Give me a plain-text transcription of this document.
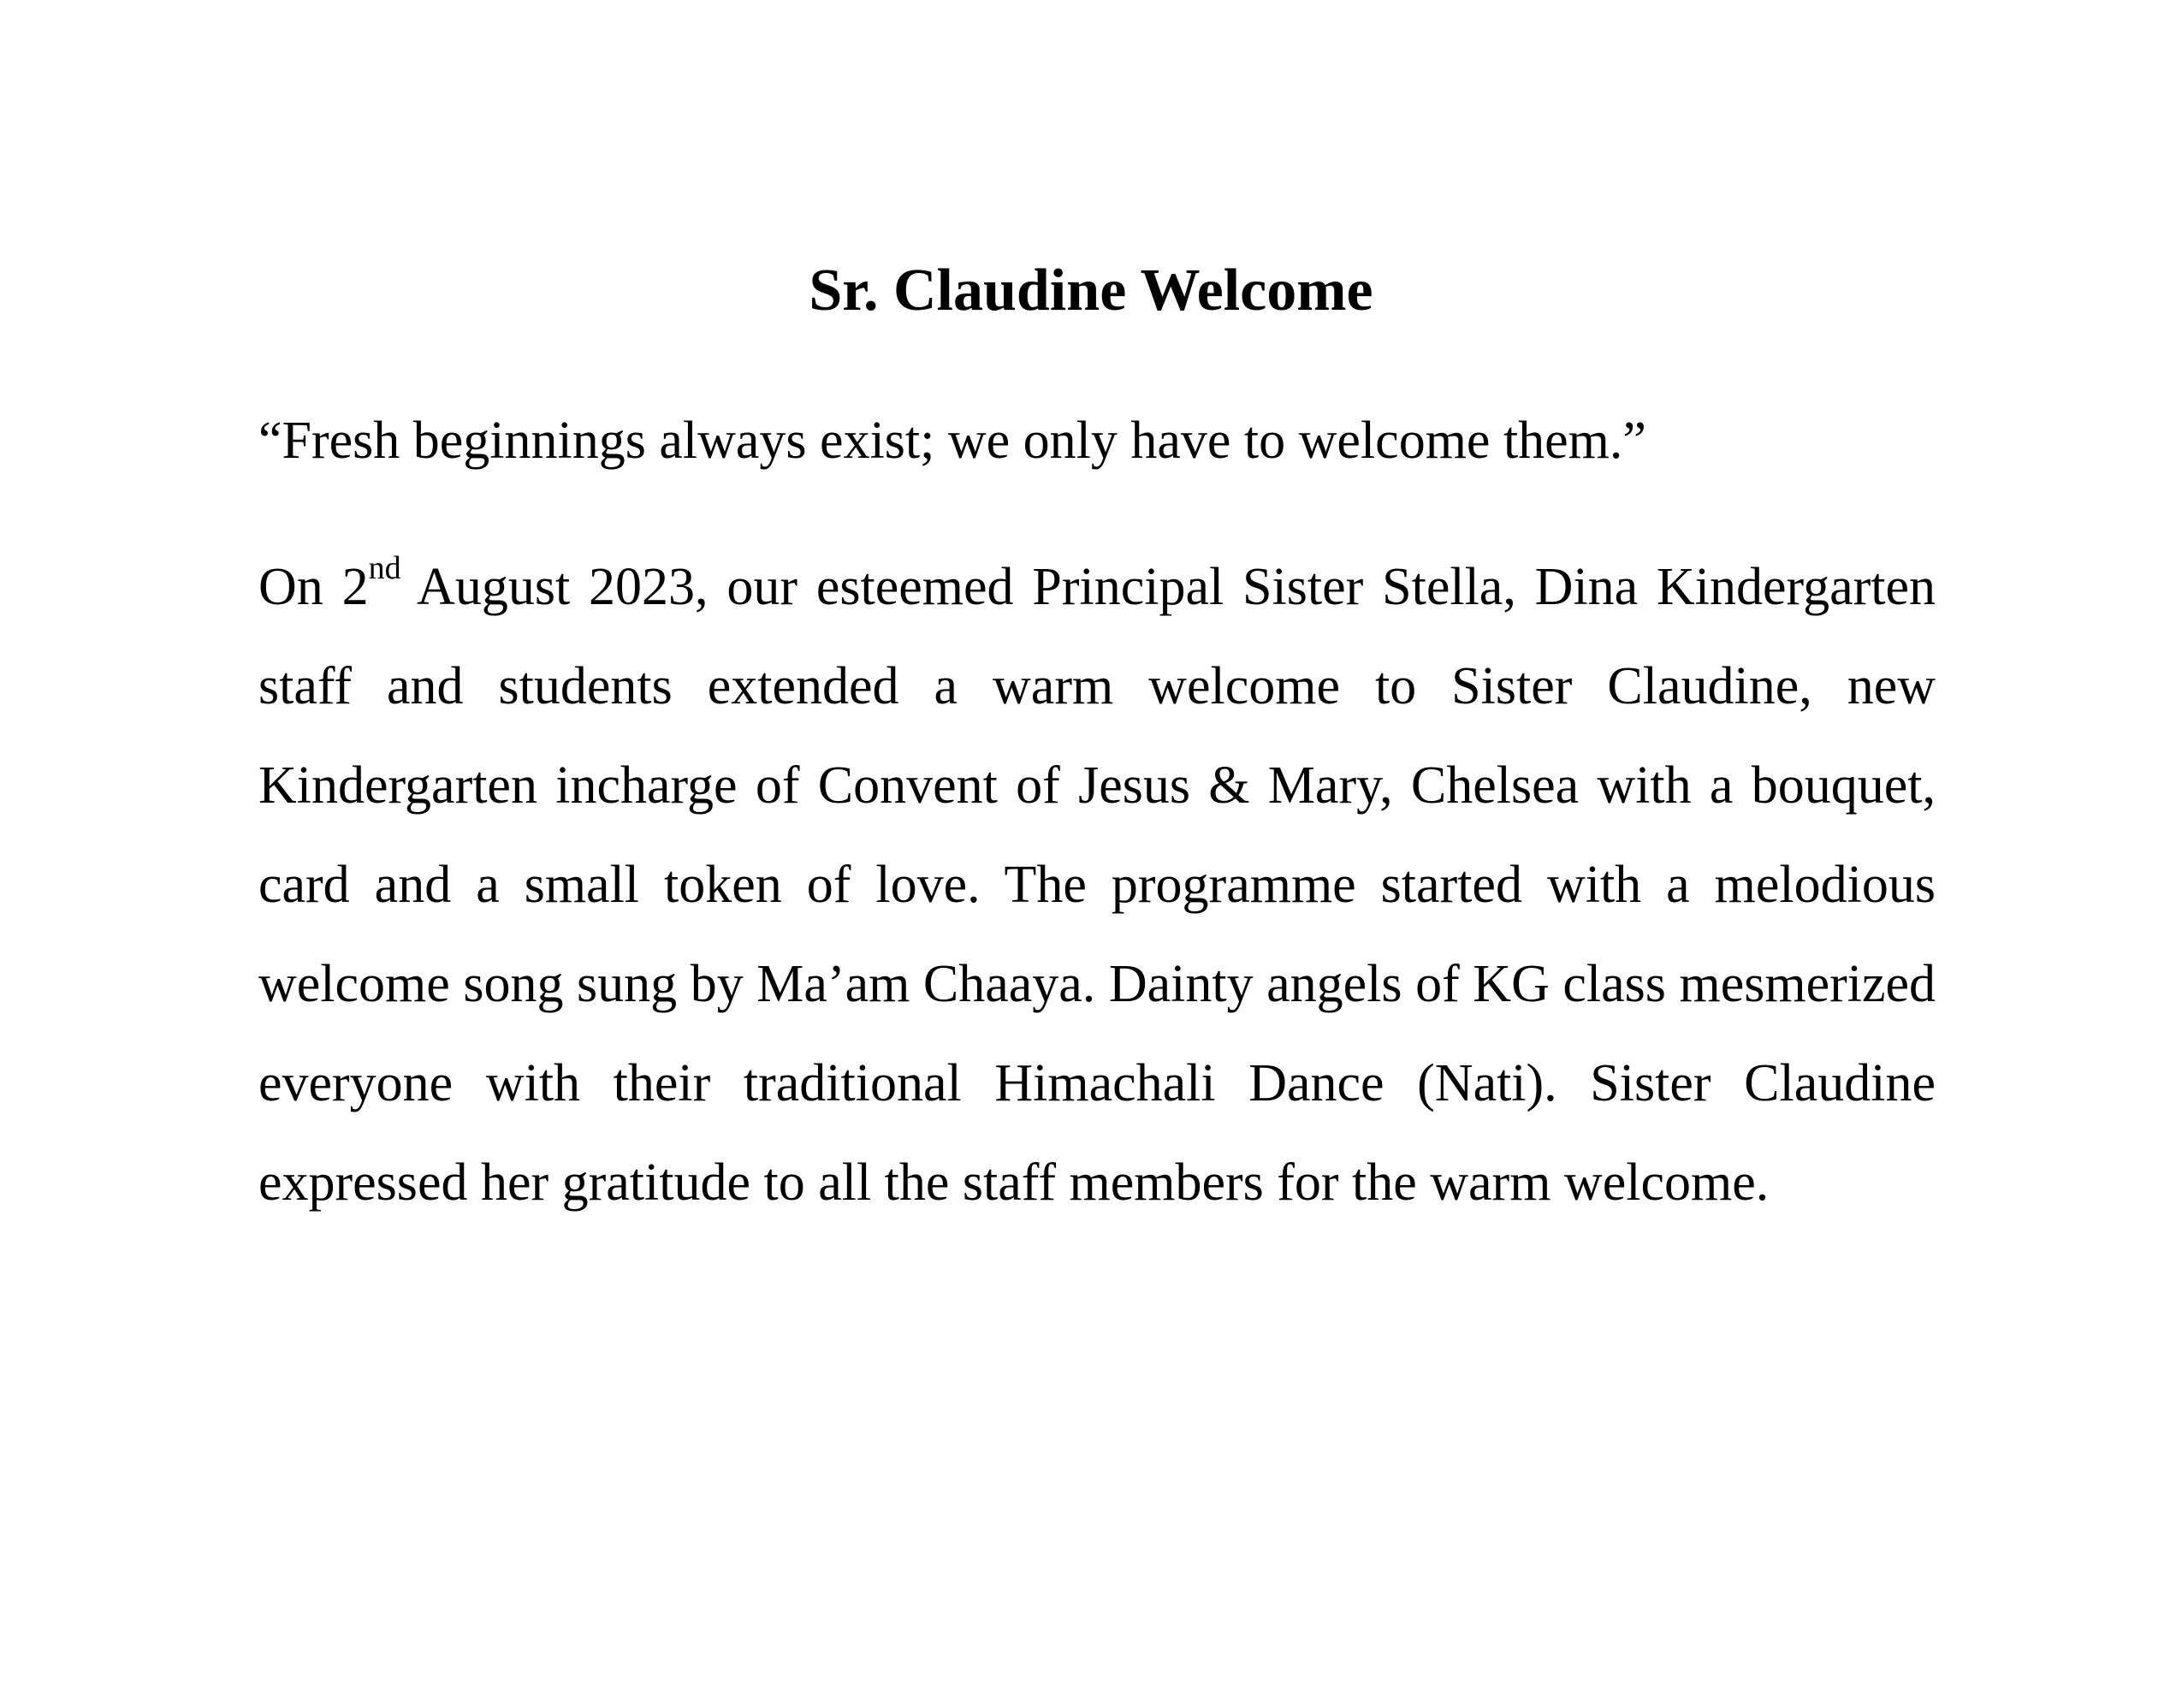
Sr. Claudine Welcome

“Fresh beginnings always exist; we only have to welcome them.”

On 2nd August 2023, our esteemed Principal Sister Stella, Dina Kindergarten staff and students extended a warm welcome to Sister Claudine, new Kindergarten incharge of Convent of Jesus & Mary, Chelsea with a bouquet, card and a small token of love. The programme started with a melodious welcome song sung by Ma’am Chaaya. Dainty angels of KG class mesmerized everyone with their traditional Himachali Dance (Nati). Sister Claudine expressed her gratitude to all the staff members for the warm welcome.
